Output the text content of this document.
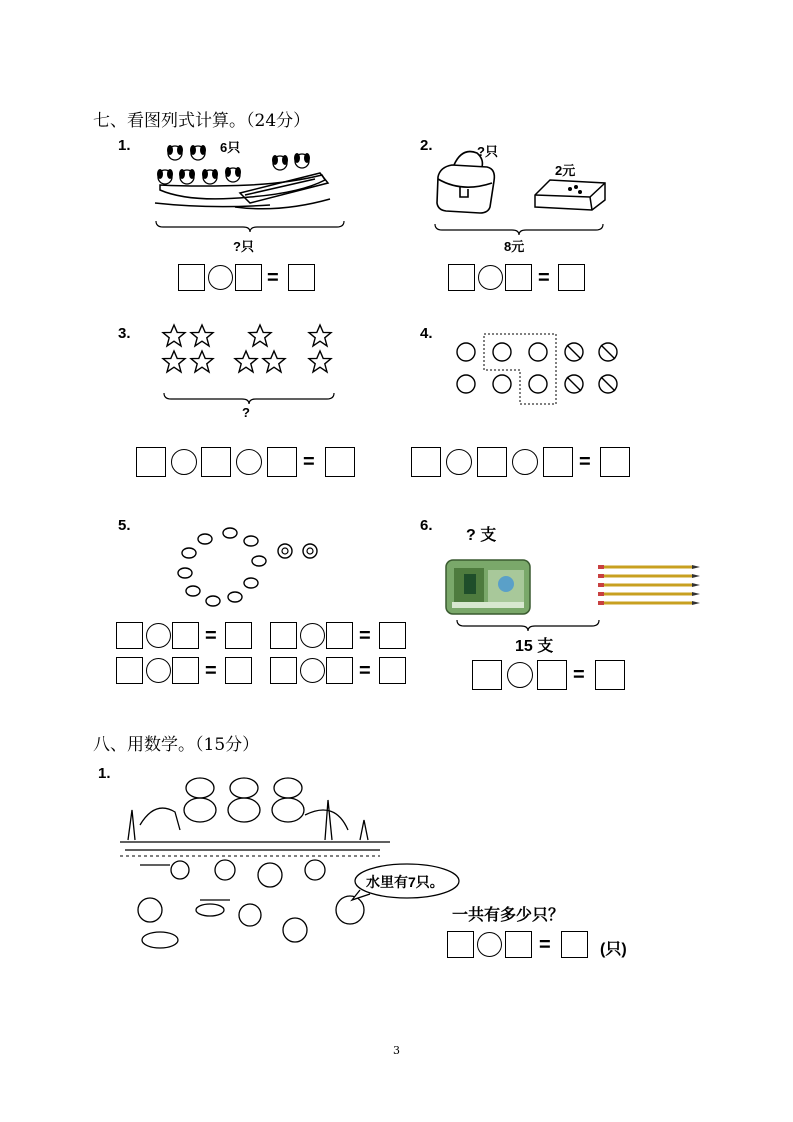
七、看图列式计算。（24分）
1.	6只
?只
=
2.	?只
2元
8元
=
3.
?
=
4.
=
5.
=	=
=	=
6.
? 支
15 支
=
八、用数学。（15分）
1.
水里有7只。
一共有多少只？
=	(只)
3
